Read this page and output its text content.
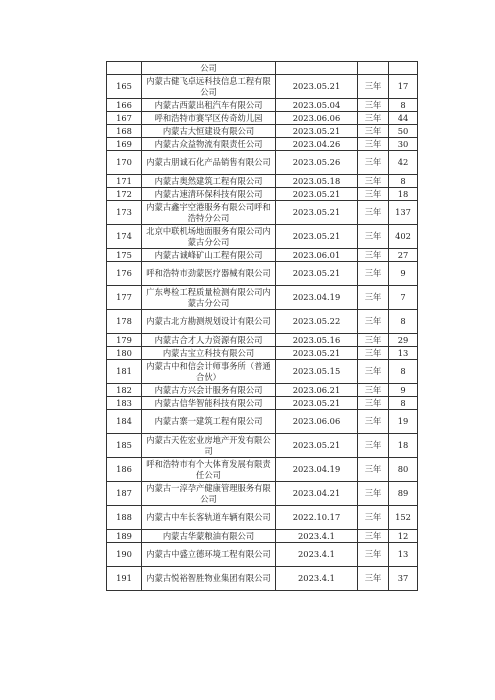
	公司			
165	内蒙古健飞卓远科技信息工程有限公司	2023.05.21	三年	17
166	内蒙古西蒙出租汽车有限公司	2023.05.04	三年	8
167	呼和浩特市赛罕区传奇幼儿园	2023.06.06	三年	44
168	内蒙古大恒建设有限公司	2023.05.21	三年	50
169	内蒙古众益物流有限责任公司	2023.04.26	三年	30
170	内蒙古朋诚石化产品销售有限公司	2023.05.26	三年	42
171	内蒙古奥然建筑工程有限公司	2023.05.18	三年	8
172	内蒙古速清环保科技有限公司	2023.05.21	三年	18
173	内蒙古鑫宇空港服务有限公司呼和浩特分公司	2023.05.21	三年	137
174	北京中联机场地面服务有限公司内蒙古分公司	2023.05.21	三年	402
175	内蒙古诚峰矿山工程有限公司	2023.06.01	三年	27
176	呼和浩特市劲蒙医疗器械有限公司	2023.05.21	三年	9
177	广东粤检工程质量检测有限公司内蒙古分公司	2023.04.19	三年	7
178	内蒙古北方勘测规划设计有限公司	2023.05.22	三年	8
179	内蒙古合才人力资源有限公司	2023.05.16	三年	29
180	内蒙古宝立科技有限公司	2023.05.21	三年	13
181	内蒙古中和信会计师事务所（普通合伙）	2023.05.15	三年	8
182	内蒙古方兴会计服务有限公司	2023.06.21	三年	9
183	内蒙古信华智能科技有限公司	2023.05.21	三年	8
184	内蒙古寨一建筑工程有限公司	2023.06.06	三年	19
185	内蒙古天佐宏业房地产开发有限公司	2023.05.21	三年	18
186	呼和浩特市有个大体育发展有限责任公司	2023.04.19	三年	80
187	内蒙古一淳孕产健康管理服务有限公司	2023.04.21	三年	89
188	内蒙古中车长客轨道车辆有限公司	2022.10.17	三年	152
189	内蒙古华蒙粮油有限公司	2023.4.1	三年	12
190	内蒙古中盛立德环境工程有限公司	2023.4.1	三年	13
191	内蒙古悦裕智胜物业集团有限公司	2023.4.1	三年	37
